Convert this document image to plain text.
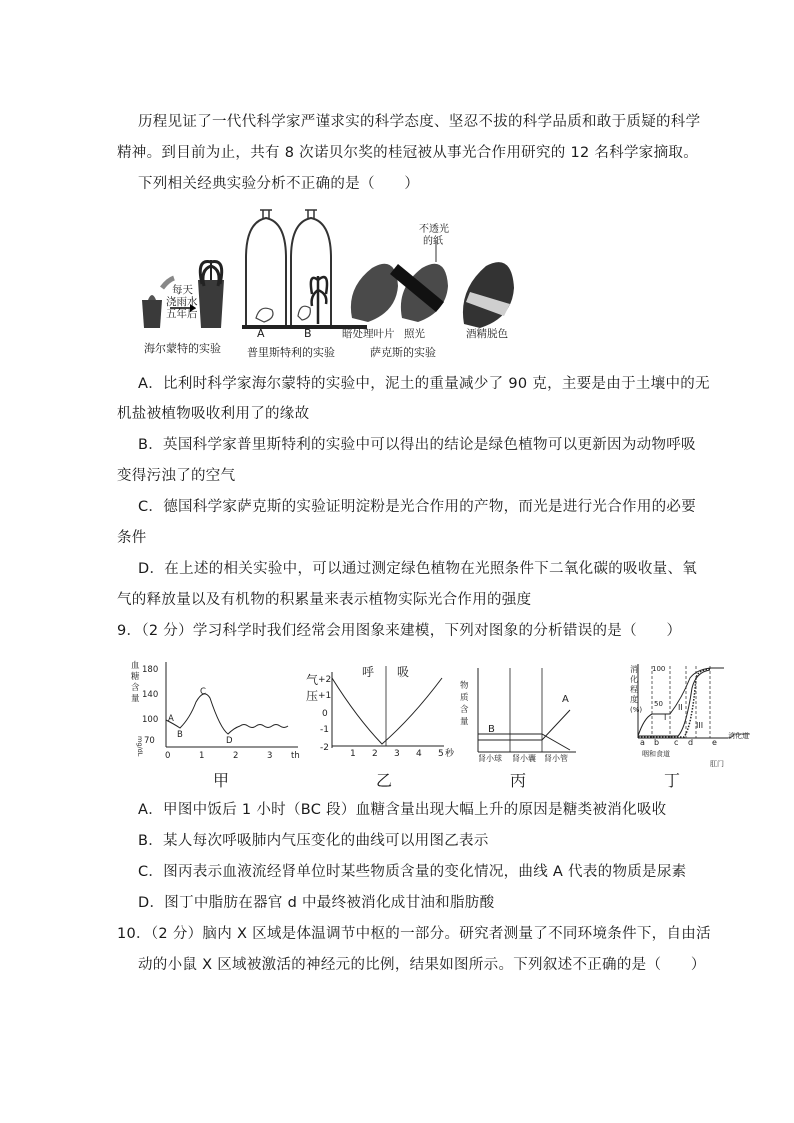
历程见证了一代代科学家严谨求实的科学态度、坚忍不拔的科学品质和敢于质疑的科学
精神。到目前为止，共有 8 次诺贝尔奖的桂冠被从事光合作用研究的 12 名科学家摘取。
下列相关经典实验分析不正确的是（　　）
每天
浇雨水
五年后
海尔蒙特的实验
A	B
普里斯特利的实验
不透光
的纸
暗处理叶片 照光	酒精脱色
萨克斯的实验
A．比利时科学家海尔蒙特的实验中，泥土的重量减少了 90 克，主要是由于土壤中的无
机盐被植物吸收利用了的缘故
B．英国科学家普里斯特利的实验中可以得出的结论是绿色植物可以更新因为动物呼吸
变得污浊了的空气
C．德国科学家萨克斯的实验证明淀粉是光合作用的产物，而光是进行光合作用的必要
条件
D．在上述的相关实验中，可以通过测定绿色植物在光照条件下二氧化碳的吸收量、氧
气的释放量以及有机物的积累量来表示植物实际光合作用的强度
9．（2 分）学习科学时我们经常会用图象来建模，下列对图象的分析错误的是（　　）
血
糖
含
量
mg/dL
180
140
100
70
0	1	2	3 th
A
B
C
D
甲
气
压
呼 吸
+2
+1
0
-1
-2
1 2 3 4 5 秒
乙
物
质
含
量
A
B
肾小球 肾小囊 肾小管
丙
消
化
程
度
(%)
100
50
a b c d e
I
II
III
咽和食道
肛门
消化道
丁
A．甲图中饭后 1 小时（BC 段）血糖含量出现大幅上升的原因是糖类被消化吸收
B．某人每次呼吸肺内气压变化的曲线可以用图乙表示
C．图丙表示血液流经肾单位时某些物质含量的变化情况，曲线 A 代表的物质是尿素
D．图丁中脂肪在器官 d 中最终被消化成甘油和脂肪酸
10．（2 分）脑内 X 区域是体温调节中枢的一部分。研究者测量了不同环境条件下，自由活
动的小鼠 X 区域被激活的神经元的比例，结果如图所示。下列叙述不正确的是（　　）
